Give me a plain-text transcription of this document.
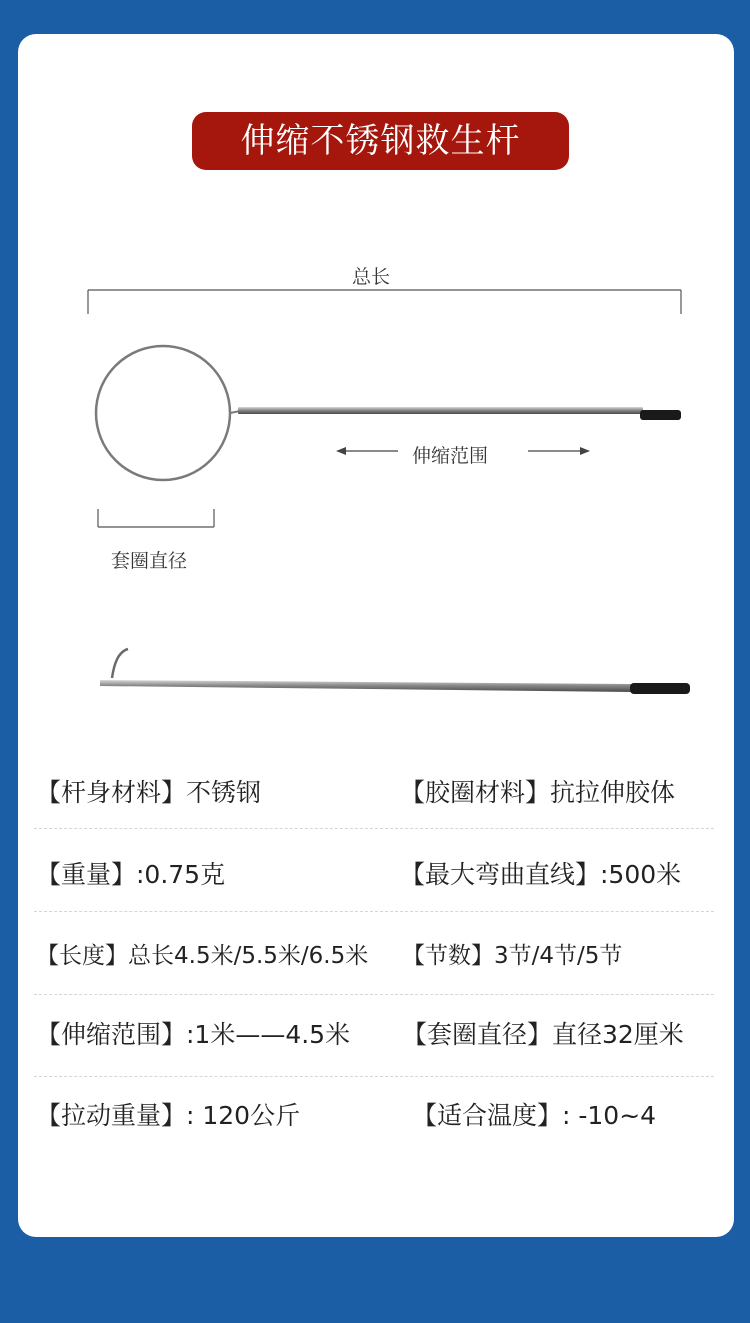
伸缩不锈钢救生杆
总长
伸缩范围
套圈直径
【杆身材料】不锈钢	【胶圈材料】抗拉伸胶体
【重量】:0.75克	【最大弯曲直线】:500米
【长度】总长4.5米/5.5米/6.5米 【节数】3节/4节/5节
【伸缩范围】:1米——4.5米 【套圈直径】直径32厘米
【拉动重量】: 120公斤	【适合温度】: -10~4
